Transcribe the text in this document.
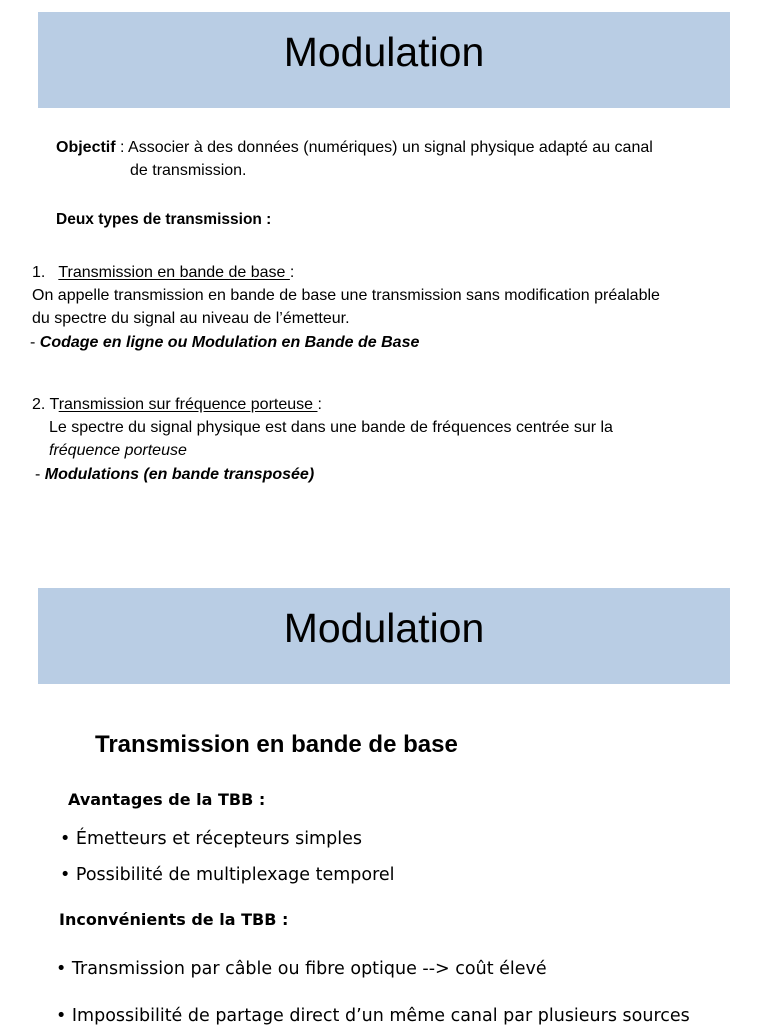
Modulation
Objectif : Associer à des données (numériques) un signal physique adapté au canal
de transmission.
Deux types de transmission :
1. Transmission en bande de base :
On appelle transmission en bande de base une transmission sans modification préalable
du spectre du signal au niveau de l’émetteur.
- Codage en ligne ou Modulation en Bande de Base
2. Transmission sur fréquence porteuse :
Le spectre du signal physique est dans une bande de fréquences centrée sur la
fréquence porteuse
- Modulations (en bande transposée)
Modulation
Transmission en bande de base
Avantages de la TBB :
• Émetteurs et récepteurs simples
• Possibilité de multiplexage temporel
Inconvénients de la TBB :
• Transmission par câble ou fibre optique --> coût élevé
• Impossibilité de partage direct d’un même canal par plusieurs sources
